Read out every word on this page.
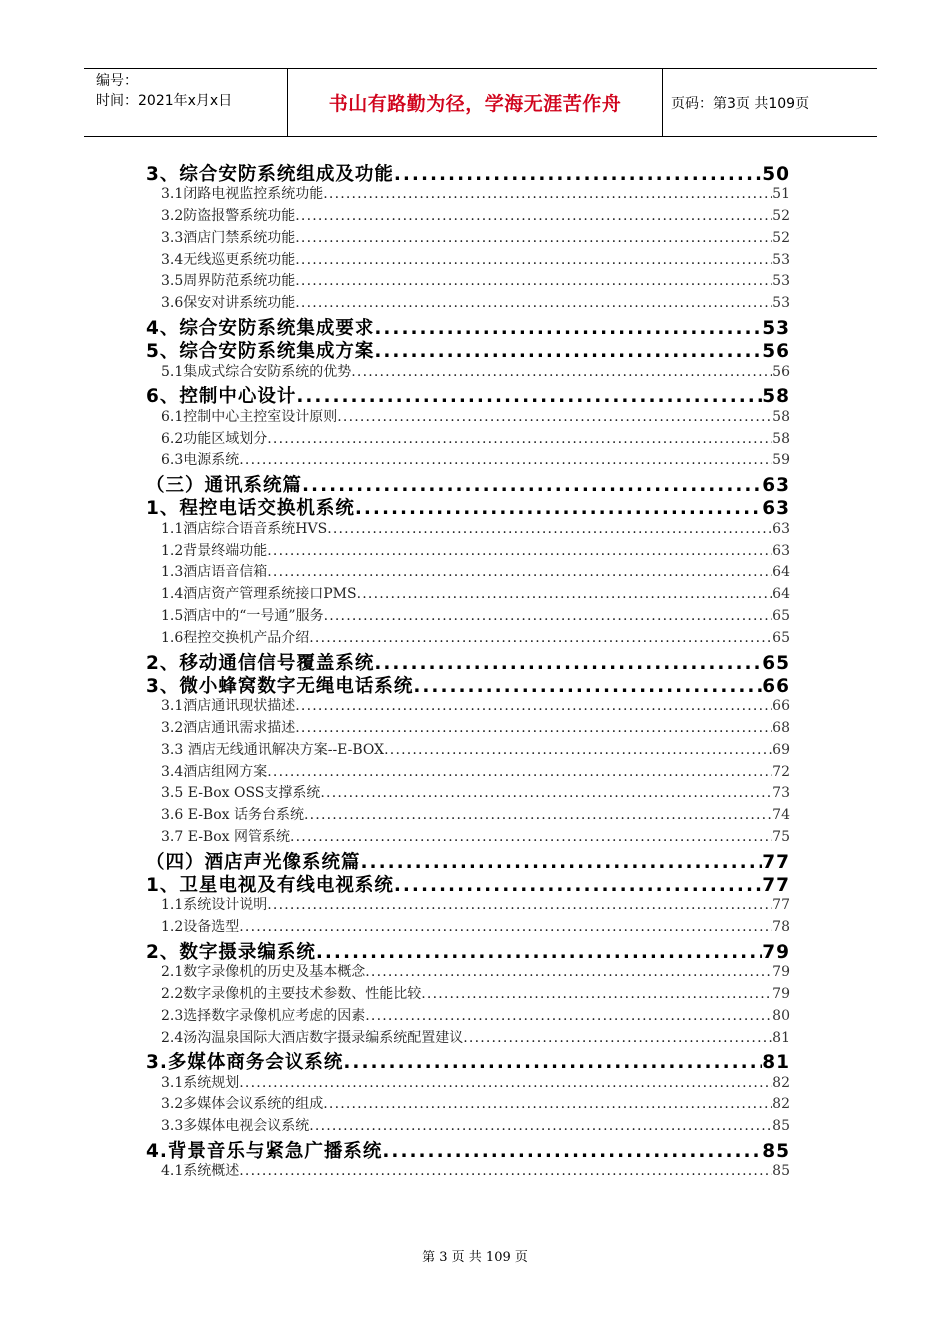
编号：
时间：2021年x月x日	书山有路勤为径，学海无涯苦作舟	页码：第3页 共109页
3、综合安防系统组成及功能 .....	50
3.1闭路电视监控系统功能 .....	51
3.2防盗报警系统功能 .....	52
3.3酒店门禁系统功能 .....	52
3.4无线巡更系统功能 .....	53
3.5周界防范系统功能 .....	53
3.6保安对讲系统功能 .....	53
4、综合安防系统集成要求 .....	53
5、综合安防系统集成方案 .....	56
5.1集成式综合安防系统的优势 .....	56
6、控制中心设计 .....	58
6.1控制中心主控室设计原则 .....	58
6.2功能区域划分 .....	58
6.3电源系统 .....	59
（三）通讯系统篇 .....	63
1、程控电话交换机系统 .....	63
1.1酒店综合语音系统HVS .....	63
1.2背景终端功能 .....	63
1.3酒店语音信箱 .....	64
1.4酒店资产管理系统接口PMS .....	64
1.5酒店中的“一号通”服务 .....	65
1.6程控交换机产品介绍 .....	65
2、移动通信信号覆盖系统 .....	65
3、微小蜂窝数字无绳电话系统 .....	66
3.1酒店通讯现状描述 .....	66
3.2酒店通讯需求描述 .....	68
3.3 酒店无线通讯解决方案--E-BOX .....	69
3.4酒店组网方案 .....	72
3.5 E-Box OSS支撑系统 .....	73
3.6 E-Box 话务台系统 .....	74
3.7 E-Box 网管系统 .....	75
（四）酒店声光像系统篇 .....	77
1、卫星电视及有线电视系统 .....	77
1.1系统设计说明 .....	77
1.2设备选型 .....	78
2、数字摄录编系统 .....	79
2.1数字录像机的历史及基本概念 .....	79
2.2数字录像机的主要技术参数、性能比较 .....	79
2.3选择数字录像机应考虑的因素 .....	80
2.4汤沟温泉国际大酒店数字摄录编系统配置建议 .....	81
3.多媒体商务会议系统 .....	81
3.1系统规划 .....	82
3.2多媒体会议系统的组成 .....	82
3.3多媒体电视会议系统 .....	85
4.背景音乐与紧急广播系统 .....	85
4.1系统概述 .....	85
第 3 页 共 109 页
